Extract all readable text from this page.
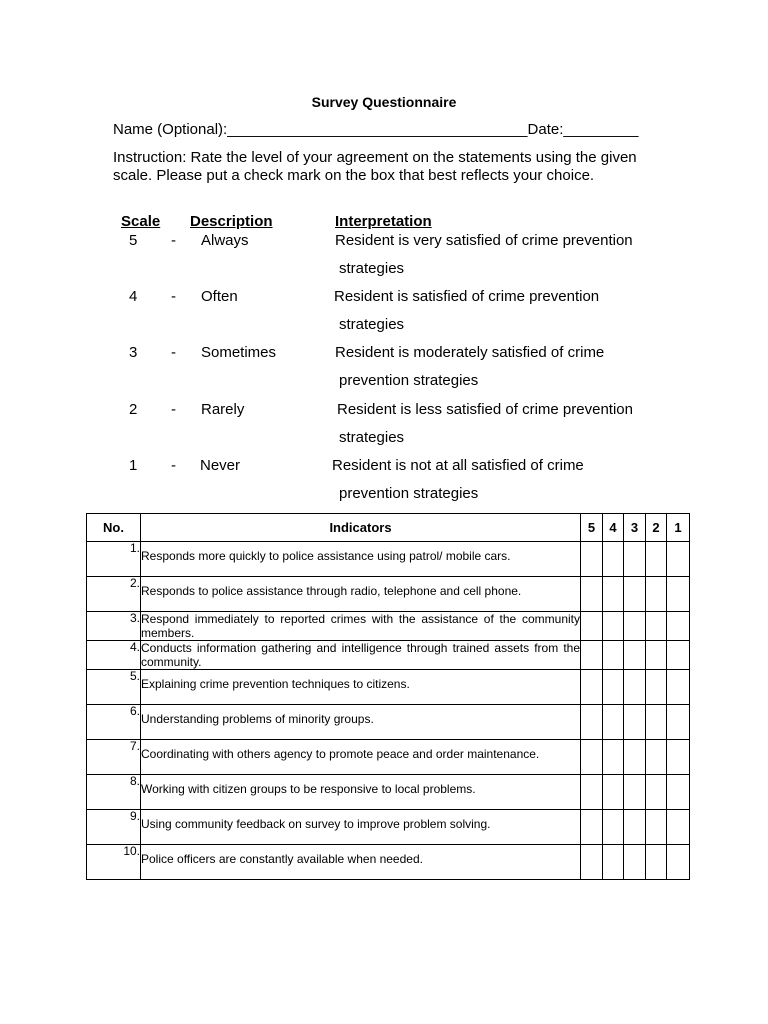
Survey Questionnaire
Name (Optional):____________________________________Date:_________
Instruction: Rate the level of your agreement on the statements using the given scale. Please put a check mark on the box that best reflects your choice.
Scale Description	Interpretation
5 - Always	Resident is very satisfied of crime prevention
strategies
4 - Often	Resident is satisfied of crime prevention
strategies
3 - Sometimes	Resident is moderately satisfied of crime
prevention strategies
2 - Rarely	Resident is less satisfied of crime prevention
strategies
1 - Never	Resident is not at all satisfied of crime
prevention strategies
No.	Indicators	5	4	3	2	1
1.	Responds more quickly to police assistance using patrol/ mobile cars.					
2.	Responds to police assistance through radio, telephone and cell phone.					
3.	Respond immediately to reported crimes with the assistance of the community members.					
4.	Conducts information gathering and intelligence through trained assets from the community.					
5.	Explaining crime prevention techniques to citizens.					
6.	Understanding problems of minority groups.					
7.	Coordinating with others agency to promote peace and order maintenance.					
8.	Working with citizen groups to be responsive to local problems.					
9.	Using community feedback on survey to improve problem solving.					
10.	Police officers are constantly available when needed.					
